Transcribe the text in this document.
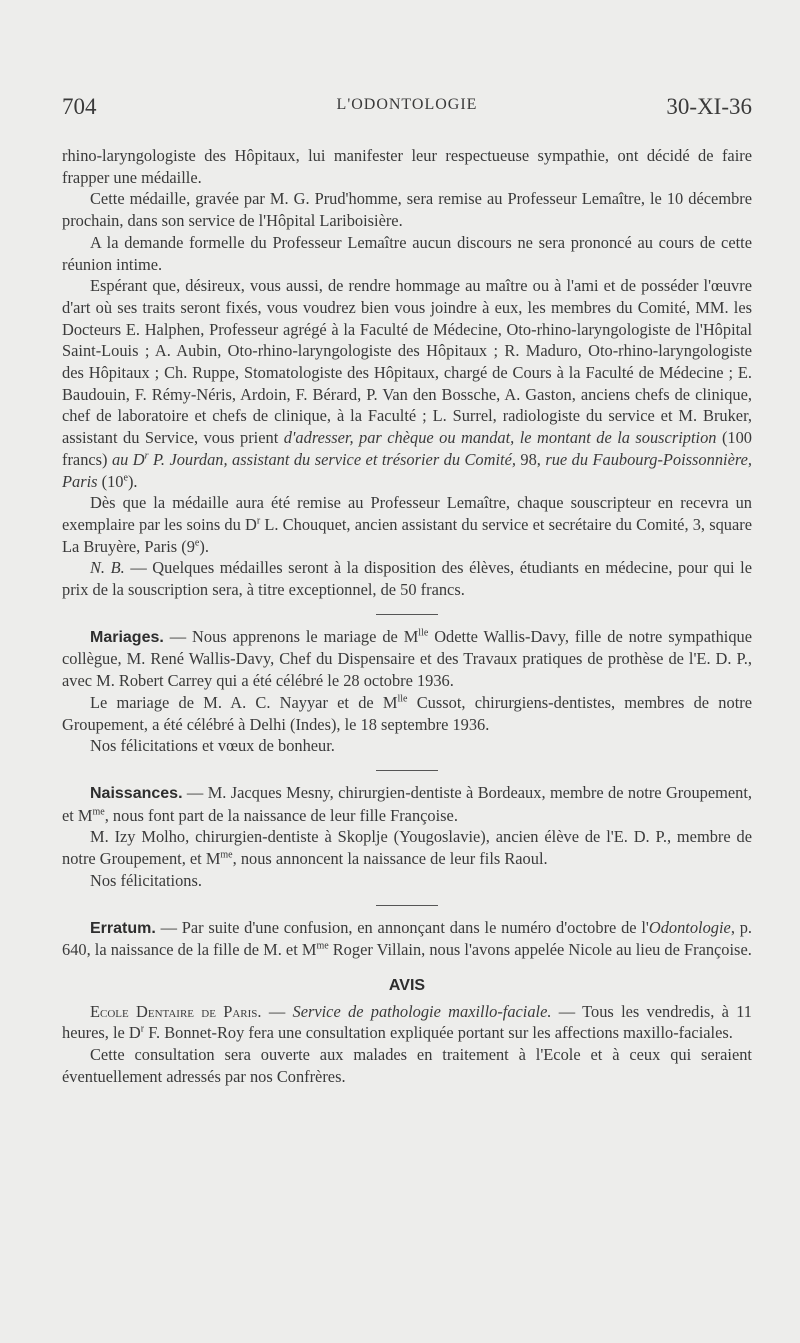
704	L'ODONTOLOGIE	30-XI-36

rhino-laryngologiste des Hôpitaux, lui manifester leur respectueuse sympathie, ont décidé de faire frapper une médaille.

Cette médaille, gravée par M. G. Prud'homme, sera remise au Professeur Lemaître, le 10 décembre prochain, dans son service de l'Hôpital Lariboisière.

A la demande formelle du Professeur Lemaître aucun discours ne sera prononcé au cours de cette réunion intime.

Espérant que, désireux, vous aussi, de rendre hommage au maître ou à l'ami et de posséder l'œuvre d'art où ses traits seront fixés, vous voudrez bien vous joindre à eux, les membres du Comité, MM. les Docteurs E. Halphen, Professeur agrégé à la Faculté de Médecine, Oto-rhino-laryngologiste de l'Hôpital Saint-Louis ; A. Aubin, Oto-rhino-laryngologiste des Hôpitaux ; R. Maduro, Oto-rhino-laryngologiste des Hôpitaux ; Ch. Ruppe, Stomatologiste des Hôpitaux, chargé de Cours à la Faculté de Médecine ; E. Baudouin, F. Rémy-Néris, Ardoin, F. Bérard, P. Van den Bossche, A. Gaston, anciens chefs de clinique, chef de laboratoire et chefs de clinique, à la Faculté ; L. Surrel, radiologiste du service et M. Bruker, assistant du Service, vous prient d'adresser, par chèque ou mandat, le montant de la souscription (100 francs) au $D^r$ P. Jourdan, assistant du service et trésorier du Comité, 98, rue du Faubourg-Poissonnière, Paris (10e).

Dès que la médaille aura été remise au Professeur Lemaître, chaque souscripteur en recevra un exemplaire par les soins du $D^r$ L. Chouquet, ancien assistant du service et secrétaire du Comité, 3, square La Bruyère, Paris (9e).

N. B. — Quelques médailles seront à la disposition des élèves, étudiants en médecine, pour qui le prix de la souscription sera, à titre exceptionnel, de 50 francs.

Mariages. — Nous apprenons le mariage de $M^{lle}$ Odette Wallis-Davy, fille de notre sympathique collègue, M. René Wallis-Davy, Chef du Dispensaire et des Travaux pratiques de prothèse de l'E. D. P., avec M. Robert Carrey qui a été célébré le 28 octobre 1936.

Le mariage de M. A. C. Nayyar et de $M^{lle}$ Cussot, chirurgiens-dentistes, membres de notre Groupement, a été célébré à Delhi (Indes), le 18 septembre 1936.

Nos félicitations et vœux de bonheur.

Naissances. — M. Jacques Mesny, chirurgien-dentiste à Bordeaux, membre de notre Groupement, et $M^{me}$, nous font part de la naissance de leur fille Françoise.

M. Izy Molho, chirurgien-dentiste à Skoplje (Yougoslavie), ancien élève de l'E. D. P., membre de notre Groupement, et $M^{me}$, nous annoncent la naissance de leur fils Raoul.

Nos félicitations.

Erratum. — Par suite d'une confusion, en annonçant dans le numéro d'octobre de l'Odontologie, p. 640, la naissance de la fille de M. et $M^{me}$ Roger Villain, nous l'avons appelée Nicole au lieu de Françoise.

AVIS

Ecole Dentaire de Paris. — Service de pathologie maxillo-faciale. — Tous les vendredis, à 11 heures, le $D^r$ F. Bonnet-Roy fera une consultation expliquée portant sur les affections maxillo-faciales.

Cette consultation sera ouverte aux malades en traitement à l'Ecole et à ceux qui seraient éventuellement adressés par nos Confrères.
